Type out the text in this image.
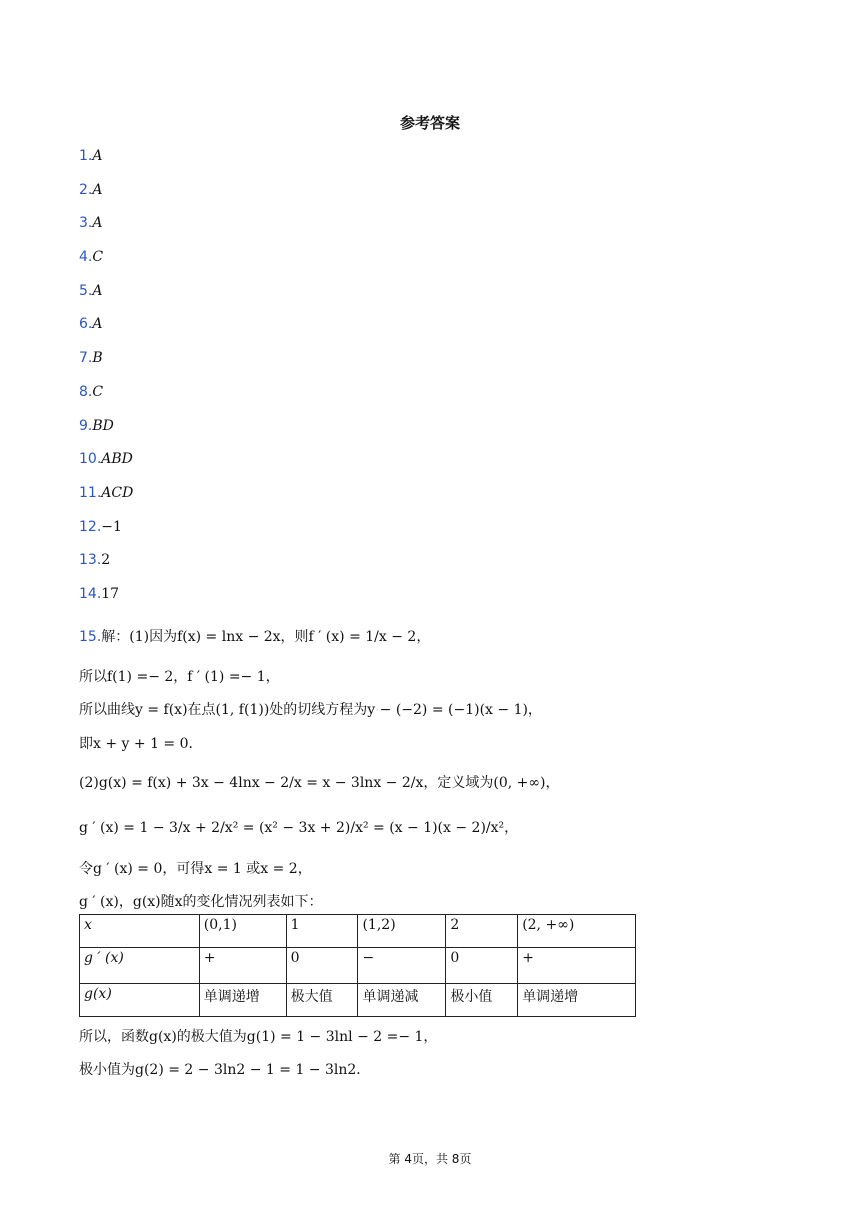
参考答案
1.A
2.A
3.A
4.C
5.A
6.A
7.B
8.C
9.BD
10.ABD
11.ACD
12.−1
13.2
14.17
15.解：(1)因为f(x) = lnx − 2x，则f ′ (x) = 1/x − 2，
所以f(1) =− 2，f ′ (1) =− 1，
所以曲线y = f(x)在点(1, f(1))处的切线方程为y − (−2) = (−1)(x − 1)，
即x + y + 1 = 0．
(2)g(x) = f(x) + 3x − 4lnx − 2/x = x − 3lnx − 2/x，定义域为(0, +∞)，
g ′ (x) = 1 − 3/x + 2/x² = (x² − 3x + 2)/x² = (x − 1)(x − 2)/x²，
令g ′ (x) = 0，可得x = 1 或x = 2，
g ′ (x)，g(x)随x的变化情况列表如下：
x	(0,1)	1	(1,2)	2	(2, +∞)
g ′ (x)	+	0	−	0	+
g(x)	单调递增	极大值	单调递减	极小值	单调递增
所以，函数g(x)的极大值为g(1) = 1 − 3lnl − 2 =− 1，
极小值为g(2) = 2 − 3ln2 − 1 = 1 − 3ln2．
第 4页，共 8页
